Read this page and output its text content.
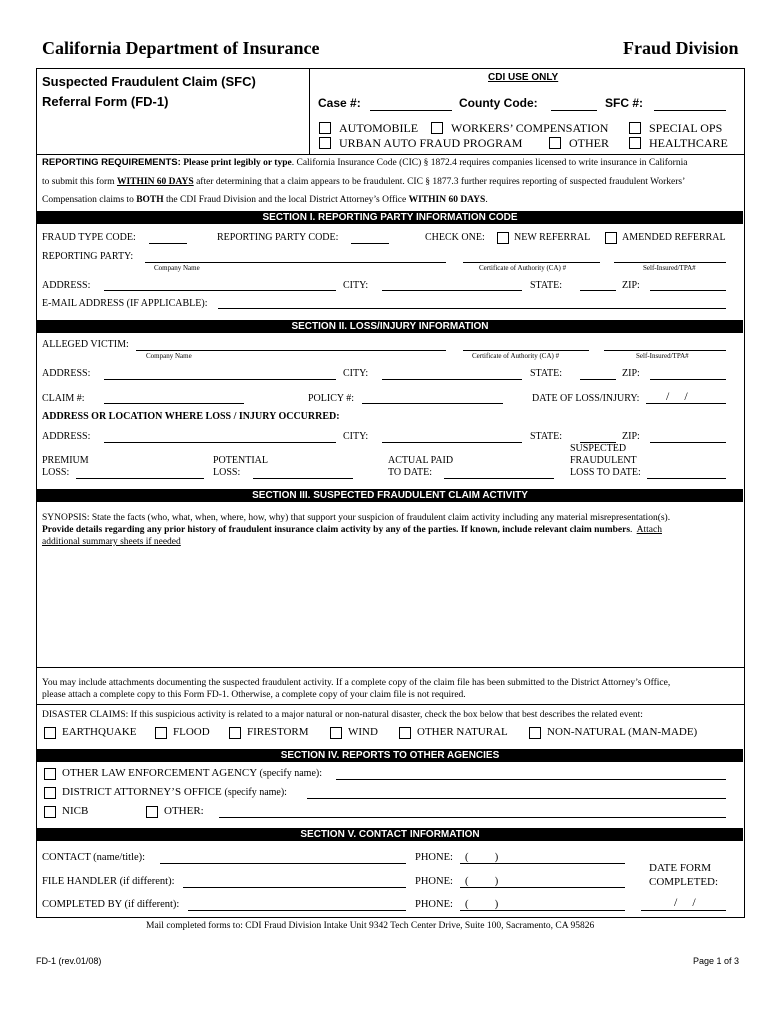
California Department of Insurance	Fraud Division
Suspected Fraudulent Claim (SFC)
Referral Form (FD-1)
CDI USE ONLY
Case #:	County Code:	SFC #:
AUTOMOBILE	WORKERS’ COMPENSATION	SPECIAL OPS
URBAN AUTO FRAUD PROGRAM	OTHER	HEALTHCARE
REPORTING REQUIREMENTS: Please print legibly or type. California Insurance Code (CIC) § 1872.4 requires companies licensed to write insurance in California
to submit this form WITHIN 60 DAYS after determining that a claim appears to be fraudulent. CIC § 1877.3 further requires reporting of suspected fraudulent Workers’
Compensation claims to BOTH the CDI Fraud Division and the local District Attorney’s Office WITHIN 60 DAYS.
SECTION I. REPORTING PARTY INFORMATION CODE
FRAUD TYPE CODE:	REPORTING PARTY CODE:	CHECK ONE:	NEW REFERRAL	AMENDED REFERRAL
REPORTING PARTY:
Company Name	Certificate of Authority (CA) #	Self-Insured/TPA#
ADDRESS:	CITY:	STATE:	ZIP:
E-MAIL ADDRESS (IF APPLICABLE):
SECTION II. LOSS/INJURY INFORMATION
ALLEGED VICTIM:
Company Name	Certificate of Authority (CA) #	Self-Insured/TPA#
ADDRESS:	CITY:	STATE:	ZIP:
CLAIM #:	POLICY #:	DATE OF LOSS/INJURY: /     /
ADDRESS OR LOCATION WHERE LOSS / INJURY OCCURRED:
ADDRESS:	CITY:	STATE:	ZIP:
PREMIUM
LOSS:
POTENTIAL
LOSS:
ACTUAL PAID
TO DATE:
SUSPECTED
FRAUDULENT
LOSS TO DATE:
SECTION III. SUSPECTED FRAUDULENT CLAIM ACTIVITY
SYNOPSIS: State the facts (who, what, when, where, how, why) that support your suspicion of fraudulent claim activity including any material misrepresentation(s).
Provide details regarding any prior history of fraudulent insurance claim activity by any of the parties. If known, include relevant claim numbers.  Attach
additional summary sheets if needed
You may include attachments documenting the suspected fraudulent activity. If a complete copy of the claim file has been submitted to the District Attorney’s Office,
please attach a complete copy to this Form FD-1. Otherwise, a complete copy of your claim file is not required.
DISASTER CLAIMS: If this suspicious activity is related to a major natural or non-natural disaster, check the box below that best describes the related event:
EARTHQUAKE	FLOOD	FIRESTORM	WIND	OTHER NATURAL	NON-NATURAL (MAN-MADE)
SECTION IV. REPORTS TO OTHER AGENCIES
OTHER LAW ENFORCEMENT AGENCY (specify name):
DISTRICT ATTORNEY’S OFFICE (specify name):
NICB	OTHER:
SECTION V. CONTACT INFORMATION
CONTACT (name/title):	PHONE: (          )
FILE HANDLER (if different):	PHONE: (          )
COMPLETED BY (if different):	PHONE: (          )
DATE FORM
COMPLETED:
/     /
Mail completed forms to: CDI Fraud Division Intake Unit 9342 Tech Center Drive, Suite 100, Sacramento, CA 95826
FD-1 (rev.01/08)	Page 1 of 3
